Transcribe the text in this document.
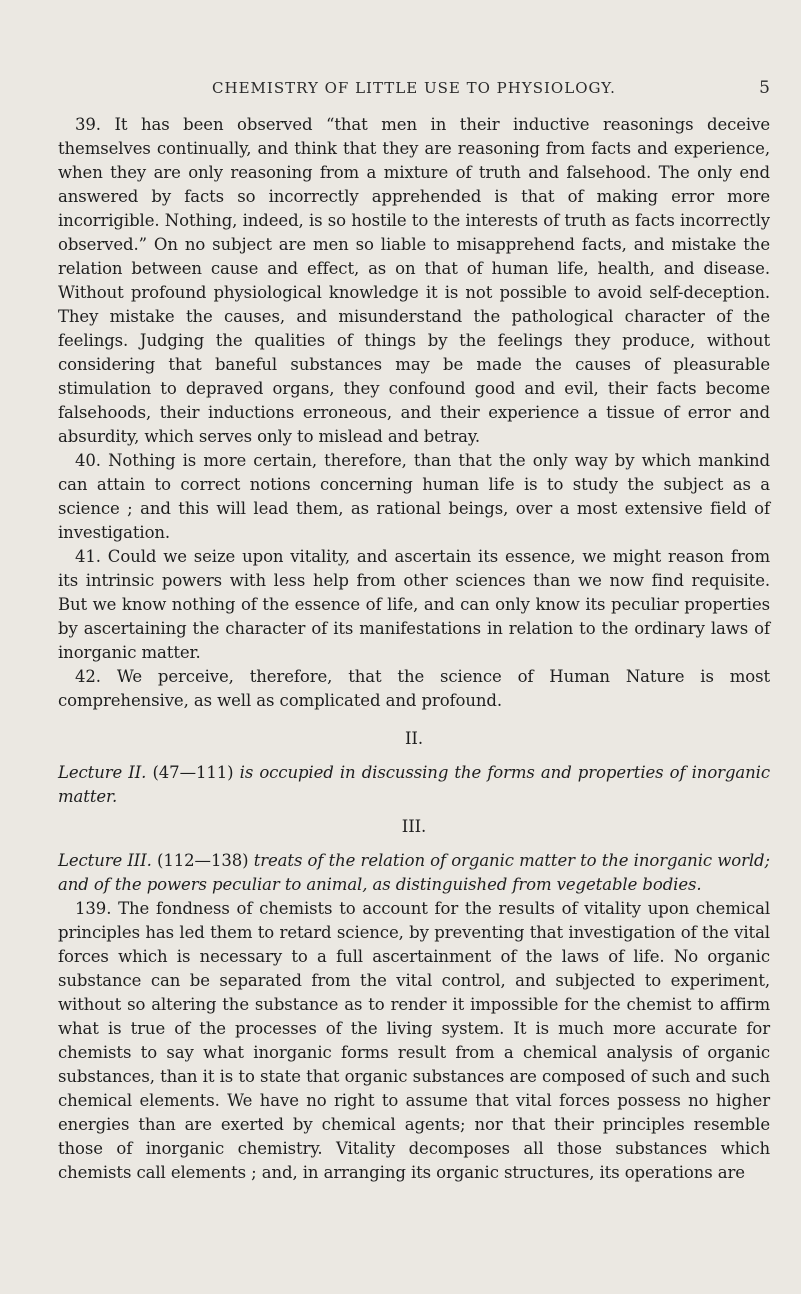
CHEMISTRY OF LITTLE USE TO PHYSIOLOGY.	5

39. It has been observed “that men in their inductive reasonings deceive themselves continually, and think that they are reasoning from facts and experience, when they are only reasoning from a mixture of truth and falsehood. The only end answered by facts so incorrectly apprehended is that of making error more incorrigible. Nothing, indeed, is so hostile to the interests of truth as facts incorrectly observed.” On no subject are men so liable to misapprehend facts, and mistake the relation between cause and effect, as on that of human life, health, and disease. Without profound physiological knowledge it is not possible to avoid self-deception. They mistake the causes, and misunderstand the pathological character of the feelings. Judging the qualities of things by the feelings they produce, without considering that baneful substances may be made the causes of pleasurable stimulation to depraved organs, they confound good and evil, their facts become falsehoods, their inductions erroneous, and their experience a tissue of error and absurdity, which serves only to mislead and betray.

40. Nothing is more certain, therefore, than that the only way by which mankind can attain to correct notions concerning human life is to study the subject as a science ; and this will lead them, as rational beings, over a most extensive field of investigation.

41. Could we seize upon vitality, and ascertain its essence, we might reason from its intrinsic powers with less help from other sciences than we now find requisite. But we know nothing of the essence of life, and can only know its peculiar properties by ascertaining the character of its manifestations in relation to the ordinary laws of inorganic matter.

42. We perceive, therefore, that the science of Human Nature is most comprehensive, as well as complicated and profound.

II.

Lecture II. (47—111) is occupied in discussing the forms and properties of inorganic matter.

III.

Lecture III. (112—138) treats of the relation of organic matter to the inorganic world; and of the powers peculiar to animal, as distinguished from vegetable bodies.

139. The fondness of chemists to account for the results of vitality upon chemical principles has led them to retard science, by preventing that investigation of the vital forces which is necessary to a full ascertainment of the laws of life. No organic substance can be separated from the vital control, and subjected to experiment, without so altering the substance as to render it impossible for the chemist to affirm what is true of the processes of the living system. It is much more accurate for chemists to say what inorganic forms result from a chemical analysis of organic substances, than it is to state that organic substances are composed of such and such chemical elements. We have no right to assume that vital forces possess no higher energies than are exerted by chemical agents; nor that their principles resemble those of inorganic chemistry. Vitality decomposes all those substances which chemists call elements ; and, in arranging its organic structures, its operations are
